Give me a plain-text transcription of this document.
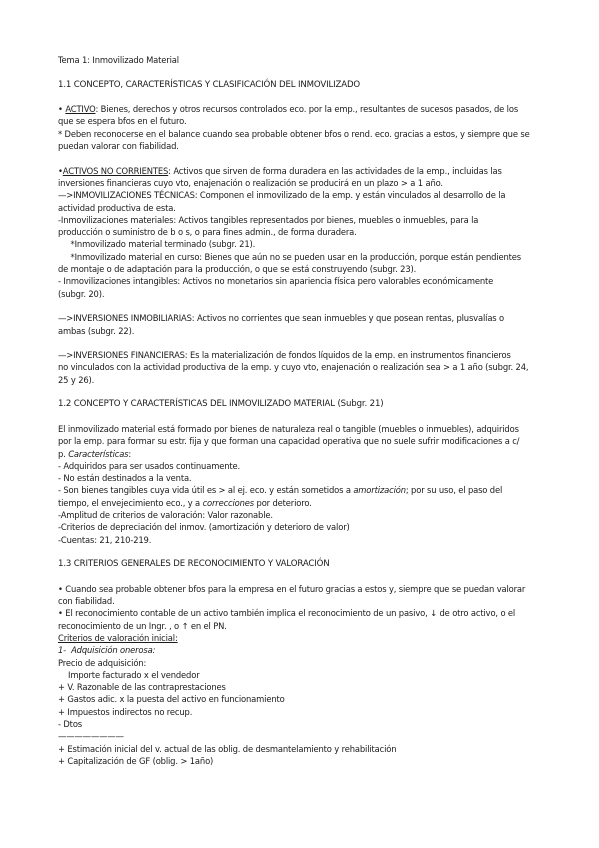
Tema 1: Inmovilizado Material
1.1 CONCEPTO, CARACTERÍSTICAS Y CLASIFICACIÓN DEL INMOVILIZADO
• ACTIVO: Bienes, derechos y otros recursos controlados eco. por la emp., resultantes de sucesos pasados, de los
que se espera bfos en el futuro.
* Deben reconocerse en el balance cuando sea probable obtener bfos o rend. eco. gracias a estos, y siempre que se
puedan valorar con fiabilidad.
•ACTIVOS NO CORRIENTES: Activos que sirven de forma duradera en las actividades de la emp., incluidas las
inversiones financieras cuyo vto, enajenación o realización se producirá en un plazo > a 1 año.
—>INMOVILIZACIONES TÉCNICAS: Componen el inmovilizado de la emp. y están vinculados al desarrollo de la
actividad productiva de esta.
-Inmovilizaciones materiales: Activos tangibles representados por bienes, muebles o inmuebles, para la
producción o suministro de b o s, o para fines admin., de forma duradera.
*Inmovilizado material terminado (subgr. 21).
*Inmovilizado material en curso: Bienes que aún no se pueden usar en la producción, porque están pendientes
de montaje o de adaptación para la producción, o que se está construyendo (subgr. 23).
- Inmovilizaciones intangibles: Activos no monetarios sin apariencia física pero valorables económicamente
(subgr. 20).
—>INVERSIONES INMOBILIARIAS: Activos no corrientes que sean inmuebles y que posean rentas, plusvalías o
ambas (subgr. 22).
—>INVERSIONES FINANCIERAS: Es la materialización de fondos líquidos de la emp. en instrumentos financieros
no vinculados con la actividad productiva de la emp. y cuyo vto, enajenación o realización sea > a 1 año (subgr. 24,
25 y 26).
1.2 CONCEPTO Y CARACTERÍSTICAS DEL INMOVILIZADO MATERIAL (Subgr. 21)
El inmovilizado material está formado por bienes de naturaleza real o tangible (muebles o inmuebles), adquiridos
por la emp. para formar su estr. fija y que forman una capacidad operativa que no suele sufrir modificaciones a c/
p. Características:
- Adquiridos para ser usados continuamente.
- No están destinados a la venta.
- Son bienes tangibles cuya vida útil es > al ej. eco. y están sometidos a amortización; por su uso, el paso del
tiempo, el envejecimiento eco., y a correcciones por deterioro.
-Amplitud de criterios de valoración: Valor razonable.
-Criterios de depreciación del inmov. (amortización y deterioro de valor)
-Cuentas: 21, 210-219.
1.3 CRITERIOS GENERALES DE RECONOCIMIENTO Y VALORACIÓN
• Cuando sea probable obtener bfos para la empresa en el futuro gracias a estos y, siempre que se puedan valorar
con fiabilidad.
• El reconocimiento contable de un activo también implica el reconocimiento de un pasivo, ↓ de otro activo, o el
reconocimiento de un Ingr. , o ↑ en el PN.
Criterios de valoración inicial:
1-  Adquisición onerosa:
Precio de adquisición:
Importe facturado x el vendedor
+ V. Razonable de las contraprestaciones
+ Gastos adic. x la puesta del activo en funcionamiento
+ Impuestos indirectos no recup.
- Dtos
————————
+ Estimación inicial del v. actual de las oblig. de desmantelamiento y rehabilitación
+ Capitalización de GF (oblig. > 1año)
